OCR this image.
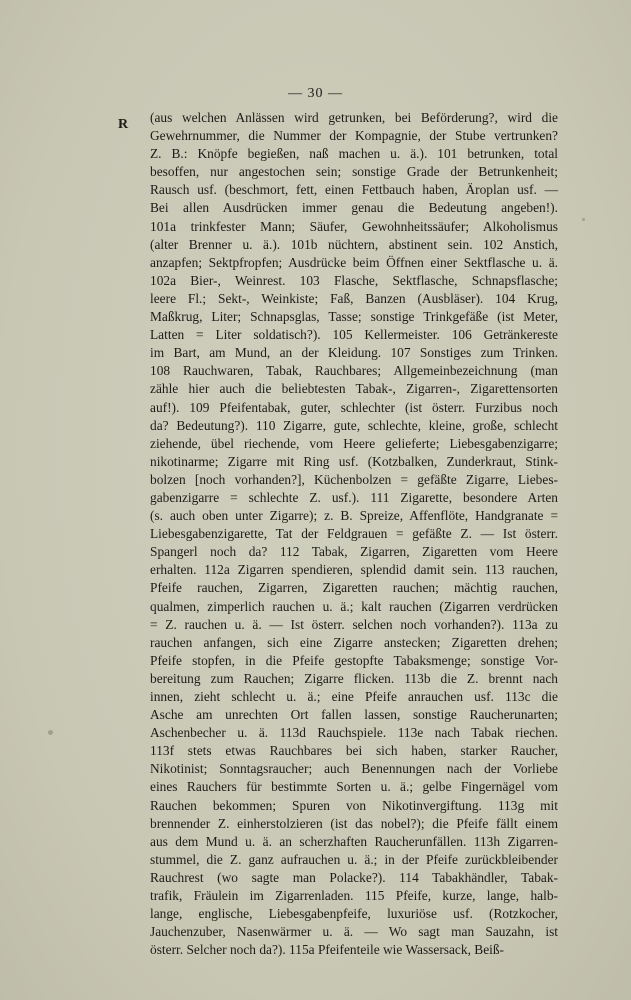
— 30 —
R (aus welchen Anlässen wird getrunken, bei Beförderung?, wird die
Gewehrnummer, die Nummer der Kompagnie, der Stube vertrunken?
Z. B.: Knöpfe begießen, naß machen u. ä.). 101 betrunken, total
besoffen, nur angestochen sein; sonstige Grade der Betrunkenheit;
Rausch usf. (beschmort, fett, einen Fettbauch haben, Äroplan usf. —
Bei allen Ausdrücken immer genau die Bedeutung angeben!).
101a trinkfester Mann; Säufer, Gewohnheitssäufer; Alkoholismus
(alter Brenner u. ä.). 101b nüchtern, abstinent sein. 102 Anstich,
anzapfen; Sektpfropfen; Ausdrücke beim Öffnen einer Sektflasche u. ä.
102a Bier-, Weinrest. 103 Flasche, Sektflasche, Schnapsflasche;
leere Fl.; Sekt-, Weinkiste; Faß, Banzen (Ausbläser). 104 Krug,
Maßkrug, Liter; Schnapsglas, Tasse; sonstige Trinkgefäße (ist Meter,
Latten = Liter soldatisch?). 105 Kellermeister. 106 Getränkereste
im Bart, am Mund, an der Kleidung. 107 Sonstiges zum Trinken.
108 Rauchwaren, Tabak, Rauchbares; Allgemeinbezeichnung (man
zähle hier auch die beliebtesten Tabak-, Zigarren-, Zigarettensorten
auf!). 109 Pfeifentabak, guter, schlechter (ist österr. Furzibus noch
da? Bedeutung?). 110 Zigarre, gute, schlechte, kleine, große, schlecht
ziehende, übel riechende, vom Heere gelieferte; Liebesgabenzigarre;
nikotinarme; Zigarre mit Ring usf. (Kotzbalken, Zunderkraut, Stink-
bolzen [noch vorhanden?], Küchenbolzen = gefäßte Zigarre, Liebes-
gabenzigarre = schlechte Z. usf.). 111 Zigarette, besondere Arten
(s. auch oben unter Zigarre); z. B. Spreize, Affenflöte, Handgranate =
Liebesgabenzigarette, Tat der Feldgrauen = gefäßte Z. — Ist österr.
Spangerl noch da? 112 Tabak, Zigarren, Zigaretten vom Heere
erhalten. 112a Zigarren spendieren, splendid damit sein. 113 rauchen,
Pfeife rauchen, Zigarren, Zigaretten rauchen; mächtig rauchen,
qualmen, zimperlich rauchen u. ä.; kalt rauchen (Zigarren verdrücken
= Z. rauchen u. ä. — Ist österr. selchen noch vorhanden?). 113a zu
rauchen anfangen, sich eine Zigarre anstecken; Zigaretten drehen;
Pfeife stopfen, in die Pfeife gestopfte Tabaksmenge; sonstige Vor-
bereitung zum Rauchen; Zigarre flicken. 113b die Z. brennt nach
innen, zieht schlecht u. ä.; eine Pfeife anrauchen usf. 113c die
Asche am unrechten Ort fallen lassen, sonstige Raucherunarten;
Aschenbecher u. ä. 113d Rauchspiele. 113e nach Tabak riechen.
113f stets etwas Rauchbares bei sich haben, starker Raucher,
Nikotinist; Sonntagsraucher; auch Benennungen nach der Vorliebe
eines Rauchers für bestimmte Sorten u. ä.; gelbe Fingernägel vom
Rauchen bekommen; Spuren von Nikotinvergiftung. 113g mit
brennender Z. einherstolzieren (ist das nobel?); die Pfeife fällt einem
aus dem Mund u. ä. an scherzhaften Raucherunfällen. 113h Zigarren-
stummel, die Z. ganz aufrauchen u. ä.; in der Pfeife zurückbleibender
Rauchrest (wo sagte man Polacke?). 114 Tabakhändler, Tabak-
trafik, Fräulein im Zigarrenladen. 115 Pfeife, kurze, lange, halb-
lange, englische, Liebesgabenpfeife, luxuriöse usf. (Rotzkocher,
Jauchenzuber, Nasenwärmer u. ä. — Wo sagt man Sauzahn, ist
österr. Selcher noch da?). 115a Pfeifenteile wie Wassersack, Beiß-
